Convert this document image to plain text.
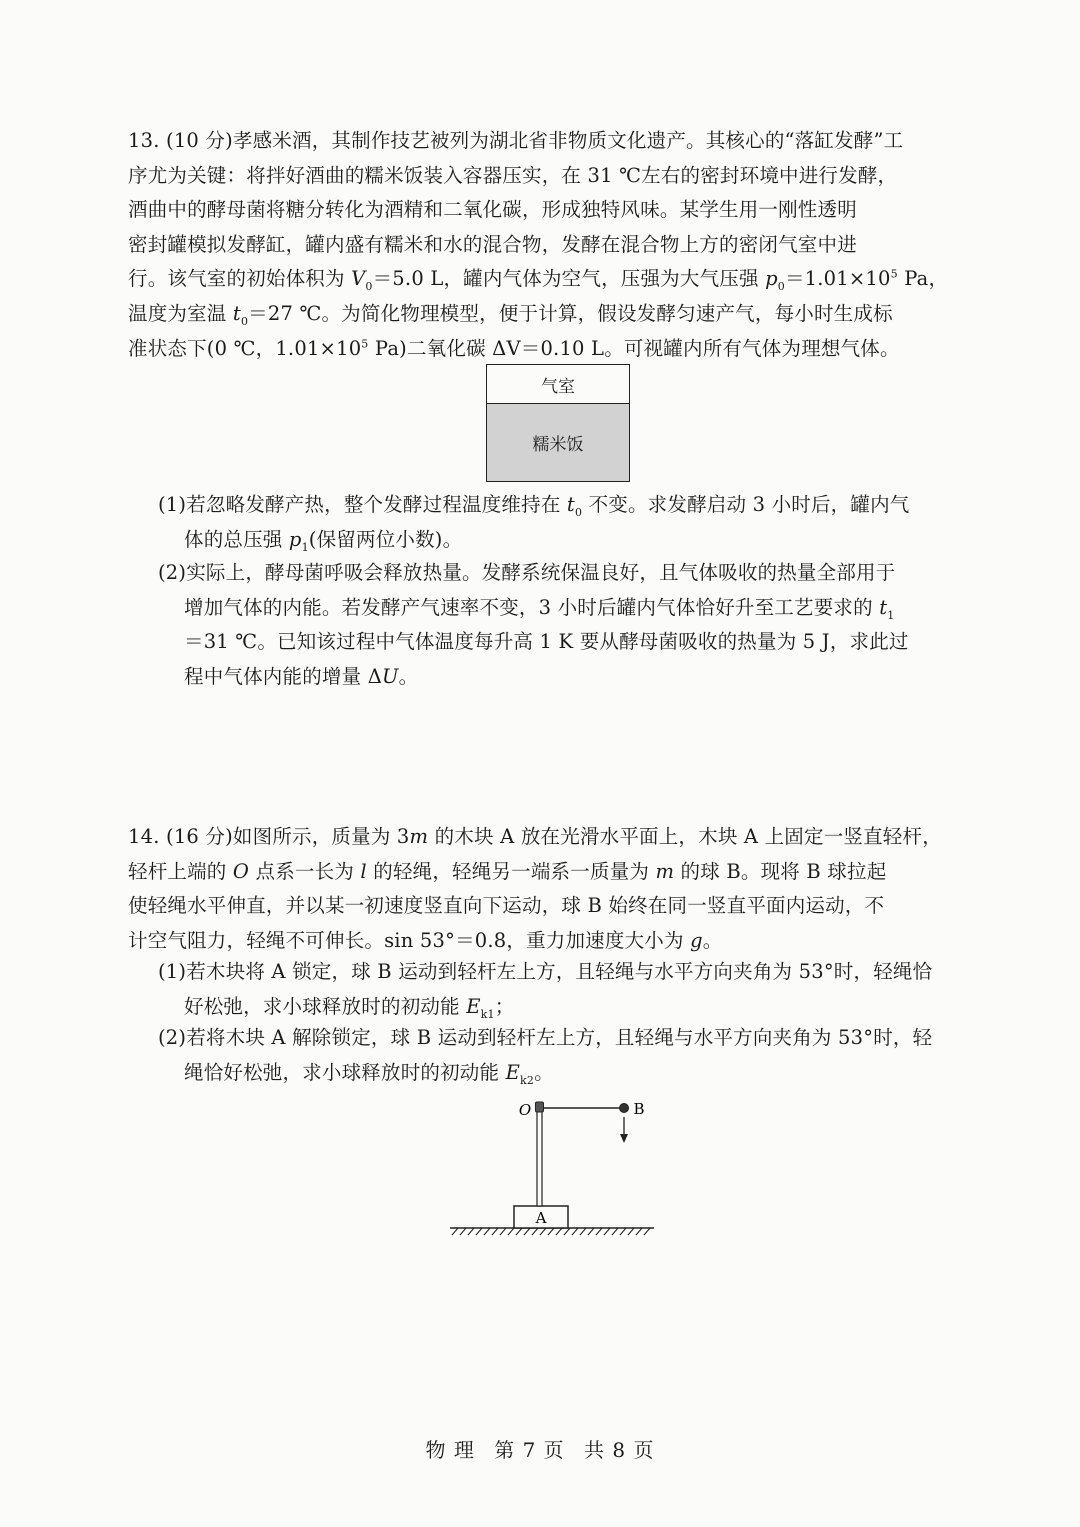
13. (10 分)孝感米酒，其制作技艺被列为湖北省非物质文化遗产。其核心的“落缸发酵”工
序尤为关键：将拌好酒曲的糯米饭装入容器压实，在 31 ℃左右的密封环境中进行发酵，
酒曲中的酵母菌将糖分转化为酒精和二氧化碳，形成独特风味。某学生用一刚性透明
密封罐模拟发酵缸，罐内盛有糯米和水的混合物，发酵在混合物上方的密闭气室中进
行。该气室的初始体积为 $V_0=5.0$ L，罐内气体为空气，压强为大气压强 $p_0=1.01\times 10^5$ Pa，
温度为室温 $t_0=27$ ℃。为简化物理模型，便于计算，假设发酵匀速产气，每小时生成标
准状态下(0 ℃，$1.01\times 10^5$ Pa)二氧化碳 ΔV＝0.10 L。可视罐内所有气体为理想气体。
气室
糯米饭
(1)若忽略发酵产热，整个发酵过程温度维持在 $t_0$ 不变。求发酵启动 3 小时后，罐内气
体的总压强 $p_1$(保留两位小数)。
(2)实际上，酵母菌呼吸会释放热量。发酵系统保温良好，且气体吸收的热量全部用于
增加气体的内能。若发酵产气速率不变，3 小时后罐内气体恰好升至工艺要求的 $t_1$
＝31 ℃。已知该过程中气体温度每升高 1 K 要从酵母菌吸收的热量为 5 J，求此过
程中气体内能的增量 ΔU。
14. (16 分)如图所示，质量为 3m 的木块 A 放在光滑水平面上，木块 A 上固定一竖直轻杆，
轻杆上端的 O 点系一长为 l 的轻绳，轻绳另一端系一质量为 m 的球 B。现将 B 球拉起
使轻绳水平伸直，并以某一初速度竖直向下运动，球 B 始终在同一竖直平面内运动，不
计空气阻力，轻绳不可伸长。sin 53°＝0.8，重力加速度大小为 g。
(1)若木块将 A 锁定，球 B 运动到轻杆左上方，且轻绳与水平方向夹角为 53°时，轻绳恰
好松弛，求小球释放时的初动能 $E_{k1}$；
(2)若将木块 A 解除锁定，球 B 运动到轻杆左上方，且轻绳与水平方向夹角为 53°时，轻
绳恰好松弛，求小球释放时的初动能 $E_{k2}$。
A
O	B
物 理 第 7 页 共 8 页
